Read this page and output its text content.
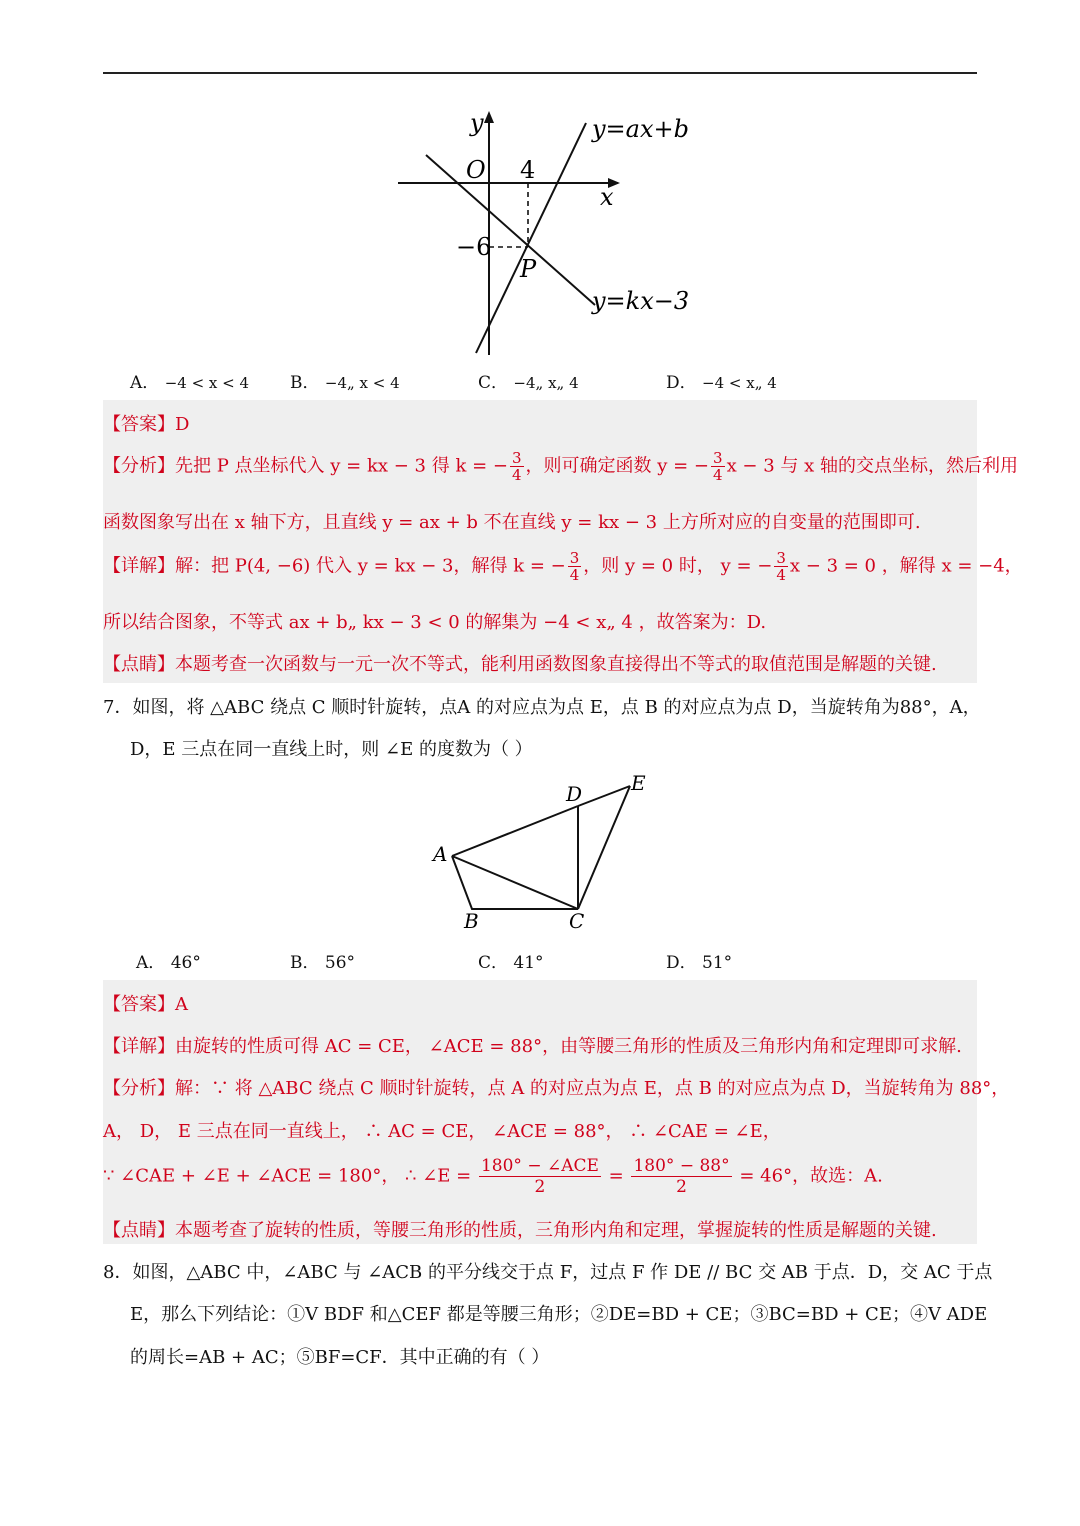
y
x
O 4
−6
P
y=ax+b
y=kx−3
A． −4 < x < 4 B． −4„ x < 4	C． −4„ x„ 4	D． −4 < x„ 4
【答案】D
【分析】先把 P 点坐标代入 y = kx − 3 得 k = − $\frac{3}{4}$ ，则可确定函数 y = − $\frac{3}{4}$ x − 3 与 x 轴的交点坐标，然后利用
函数图象写出在 x 轴下方，且直线 y = ax + b 不在直线 y = kx − 3 上方所对应的自变量的范围即可.
【详解】解：把 P(4, −6) 代入 y = kx − 3，解得 k = − $\frac{3}{4}$ ，则 y = 0 时， y = − $\frac{3}{4}$ x − 3 = 0 ，解得 x = −4，
所以结合图象，不等式 ax + b„ kx − 3 < 0 的解集为 −4 < x„ 4 ，故答案为：D.
【点睛】本题考查一次函数与一元一次不等式，能利用函数图象直接得出不等式的取值范围是解题的关键.
7．如图，将 △ABC 绕点 C 顺时针旋转，点A 的对应点为点 E，点 B 的对应点为点 D，当旋转角为88°，A，
D，E 三点在同一直线上时，则 ∠E 的度数为（ ）
A
B	C
D E
A． 46°	B． 56°	C． 41°	D． 51°
【答案】A
【详解】由旋转的性质可得 AC = CE， ∠ACE = 88°，由等腰三角形的性质及三角形内角和定理即可求解.
【分析】解：∵ 将 △ABC 绕点 C 顺时针旋转，点 A 的对应点为点 E，点 B 的对应点为点 D，当旋转角为 88°，
A， D， E 三点在同一直线上， ∴ AC = CE， ∠ACE = 88°， ∴ ∠CAE = ∠E，
∵ ∠CAE + ∠E + ∠ACE = 180°， ∴ ∠E = $\frac{\text{180° − ∠ACE}}{2} = \frac{180^\circ - 88^\circ}{2} = 46^\circ$，故选：A.
【点睛】本题考查了旋转的性质，等腰三角形的性质，三角形内角和定理，掌握旋转的性质是解题的关键.
8．如图，△ABC 中，∠ABC 与 ∠ACB 的平分线交于点 F，过点 F 作 DE // BC 交 AB 于点．D，交 AC 于点
E，那么下列结论：①V BDF 和△CEF 都是等腰三角形；②DE=BD + CE；③BC=BD + CE；④V ADE
的周长=AB + AC；⑤BF=CF．其中正确的有（ ）
